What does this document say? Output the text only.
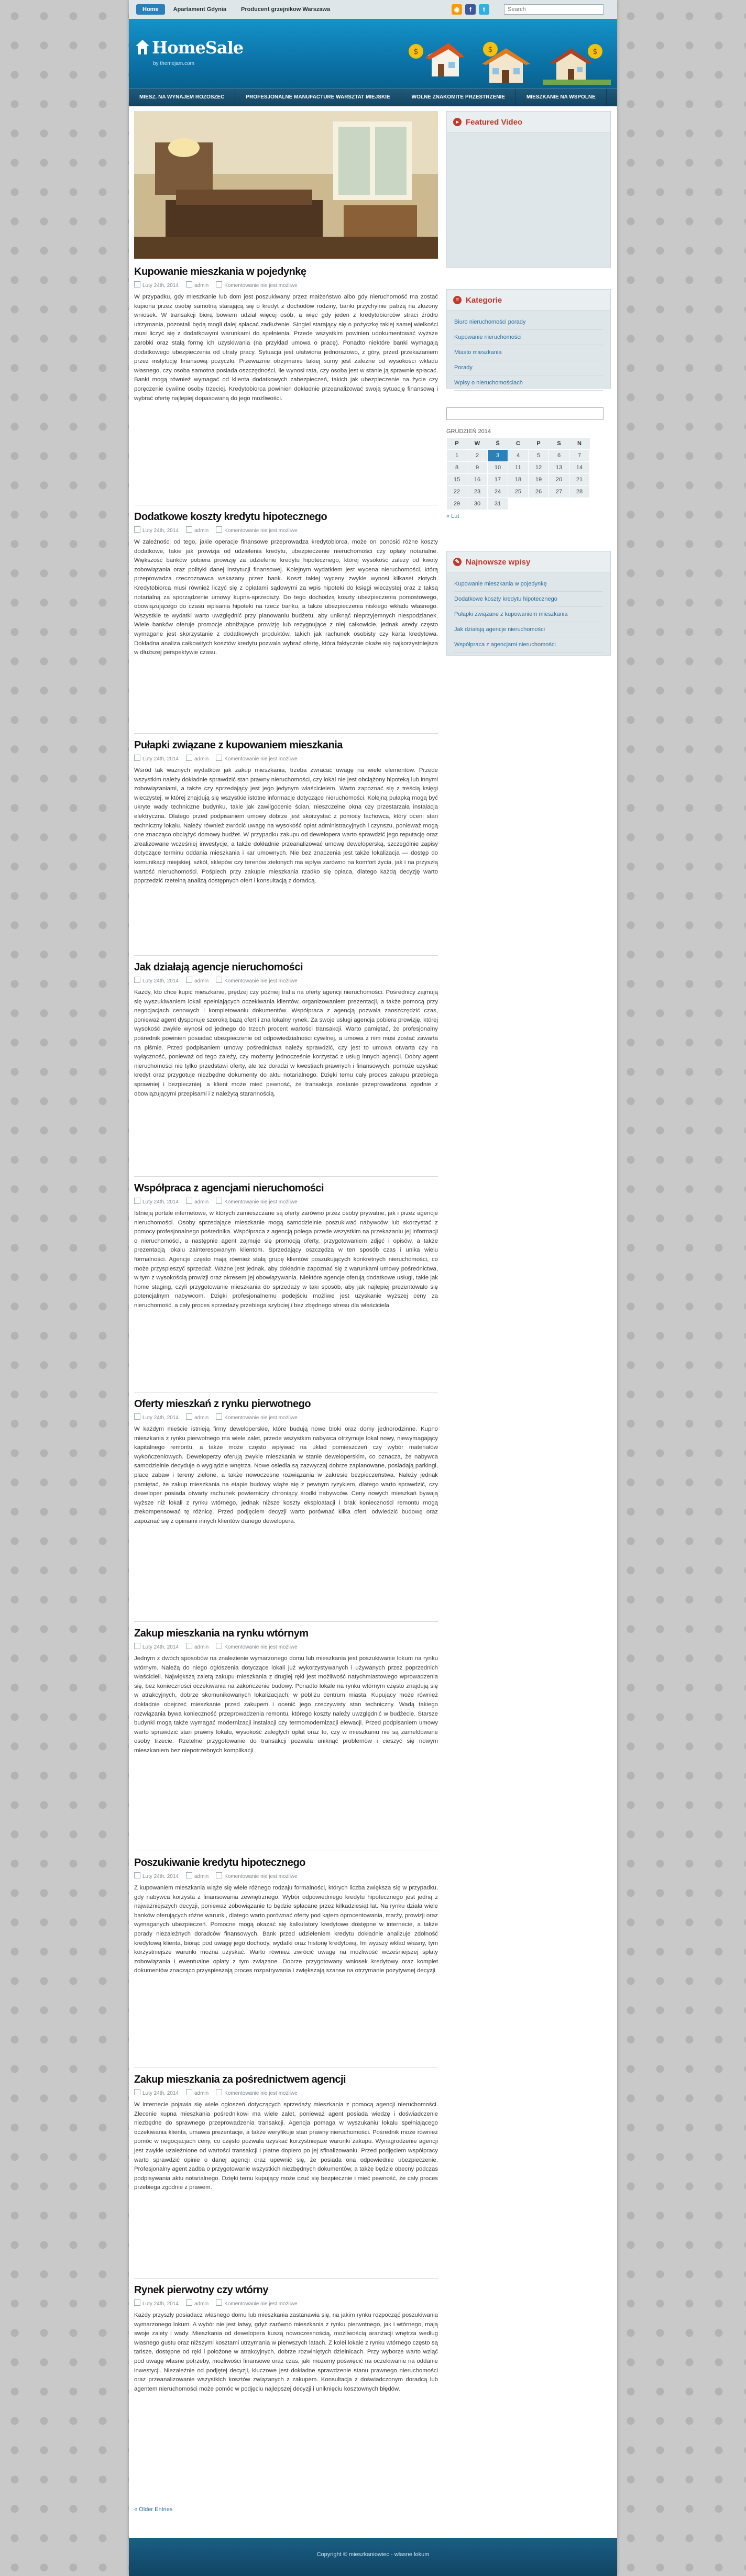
Home	Apartament Gdynia	Producent grzejnikow Warszawa	◉	f	t
Search
HomeSale
by themejam.com
$	$	$
MIESZ. NA WYNAJEM ROZOSZEC	PROFESJONALNE MANUFACTURE WARSZTAT MIEJSKIE	WOLNE ZNAKOMITE PRZESTRZENIE	MIESZKANIE NA WSPOLNE
Kupowanie mieszkania w pojedynkę
Luty 24th, 2014	admin	Komentowanie nie jest możliwe

W przypadku, gdy mieszkanie lub dom jest poszukiwany przez małżeństwo albo gdy nieruchomość ma zostać kupiona przez osobę samotną starającą się o kredyt z dochodów rodziny, banki przychylnie patrzą na złożony wniosek. W transakcji biorą bowiem udział więcej osób, a więc gdy jeden z kredytobiorców straci źródło utrzymania, pozostali będą mogli dalej spłacać zadłużenie. Singiel starający się o pożyczkę takiej samej wielkości musi liczyć się z dodatkowymi warunkami do spełnienia. Przede wszystkim powinien udokumentować wyższe zarobki oraz stałą formę ich uzyskiwania (na przykład umowa o pracę). Ponadto niektóre banki wymagają dodatkowego ubezpieczenia od utraty pracy. Sytuacja jest ułatwiona jednorazowo, z góry, przed przekazaniem przez instytucję finansową pożyczki. Przeważnie otrzymanie takiej sumy jest zależne od wysokości wkładu własnego, czy osoba samotna posiada oszczędności, ile wynosi rata, czy osoba jest w stanie ją sprawnie spłacać. Banki mogą również wymagać od klienta dodatkowych zabezpieczeń, takich jak ubezpieczenie na życie czy poręczenie cywilne osoby trzeciej. Kredytobiorca powinien dokładnie przeanalizować swoją sytuację finansową i wybrać ofertę najlepiej dopasowaną do jego możliwości.

Dodatkowe koszty kredytu hipotecznego
Luty 24th, 2014	admin	Komentowanie nie jest możliwe

W zależności od tego, jakie operacje finansowe przeprowadza kredytobiorca, może on ponosić różne koszty dodatkowe, takie jak prowizja od udzielenia kredytu, ubezpieczenie nieruchomości czy opłaty notarialne. Większość banków pobiera prowizję za udzielenie kredytu hipotecznego, której wysokość zależy od kwoty zobowiązania oraz polityki danej instytucji finansowej. Kolejnym wydatkiem jest wycena nieruchomości, którą przeprowadza rzeczoznawca wskazany przez bank. Koszt takiej wyceny zwykle wynosi kilkaset złotych. Kredytobiorca musi również liczyć się z opłatami sądowymi za wpis hipoteki do księgi wieczystej oraz z taksą notarialną za sporządzenie umowy kupna-sprzedaży. Do tego dochodzą koszty ubezpieczenia pomostowego, obowiązującego do czasu wpisania hipoteki na rzecz banku, a także ubezpieczenia niskiego wkładu własnego. Wszystkie te wydatki warto uwzględnić przy planowaniu budżetu, aby uniknąć nieprzyjemnych niespodzianek. Wiele banków oferuje promocje obniżające prowizję lub rezygnujące z niej całkowicie, jednak wtedy często wymagane jest skorzystanie z dodatkowych produktów, takich jak rachunek osobisty czy karta kredytowa. Dokładna analiza całkowitych kosztów kredytu pozwala wybrać ofertę, która faktycznie okaże się najkorzystniejsza w dłuższej perspektywie czasu.

Pułapki związane z kupowaniem mieszkania
Luty 24th, 2014	admin	Komentowanie nie jest możliwe

Wśród tak ważnych wydatków jak zakup mieszkania, trzeba zwracać uwagę na wiele elementów. Przede wszystkim należy dokładnie sprawdzić stan prawny nieruchomości, czy lokal nie jest obciążony hipoteką lub innymi zobowiązaniami, a także czy sprzedający jest jego jedynym właścicielem. Warto zapoznać się z treścią księgi wieczystej, w której znajdują się wszystkie istotne informacje dotyczące nieruchomości. Kolejną pułapką mogą być ukryte wady techniczne budynku, takie jak zawilgocenie ścian, nieszczelne okna czy przestarzała instalacja elektryczna. Dlatego przed podpisaniem umowy dobrze jest skorzystać z pomocy fachowca, który oceni stan techniczny lokalu. Należy również zwrócić uwagę na wysokość opłat administracyjnych i czynszu, ponieważ mogą one znacząco obciążyć domowy budżet. W przypadku zakupu od dewelopera warto sprawdzić jego reputację oraz zrealizowane wcześniej inwestycje, a także dokładnie przeanalizować umowę deweloperską, szczególnie zapisy dotyczące terminu oddania mieszkania i kar umownych. Nie bez znaczenia jest także lokalizacja — dostęp do komunikacji miejskiej, szkół, sklepów czy terenów zielonych ma wpływ zarówno na komfort życia, jak i na przyszłą wartość nieruchomości. Pośpiech przy zakupie mieszkania rzadko się opłaca, dlatego każdą decyzję warto poprzedzić rzetelną analizą dostępnych ofert i konsultacją z doradcą.

Jak działają agencje nieruchomości
Luty 24th, 2014	admin	Komentowanie nie jest możliwe

Każdy, kto chce kupić mieszkanie, prędzej czy później trafia na oferty agencji nieruchomości. Pośrednicy zajmują się wyszukiwaniem lokali spełniających oczekiwania klientów, organizowaniem prezentacji, a także pomocą przy negocjacjach cenowych i kompletowaniu dokumentów. Współpraca z agencją pozwala zaoszczędzić czas, ponieważ agent dysponuje szeroką bazą ofert i zna lokalny rynek. Za swoje usługi agencja pobiera prowizję, której wysokość zwykle wynosi od jednego do trzech procent wartości transakcji. Warto pamiętać, że profesjonalny pośrednik powinien posiadać ubezpieczenie od odpowiedzialności cywilnej, a umowa z nim musi zostać zawarta na piśmie. Przed podpisaniem umowy pośrednictwa należy sprawdzić, czy jest to umowa otwarta czy na wyłączność, ponieważ od tego zależy, czy możemy jednocześnie korzystać z usług innych agencji. Dobry agent nieruchomości nie tylko przedstawi oferty, ale też doradzi w kwestiach prawnych i finansowych, pomoże uzyskać kredyt oraz przygotuje niezbędne dokumenty do aktu notarialnego. Dzięki temu cały proces zakupu przebiega sprawniej i bezpieczniej, a klient może mieć pewność, że transakcja zostanie przeprowadzona zgodnie z obowiązującymi przepisami i z należytą starannością.

Współpraca z agencjami nieruchomości
Luty 24th, 2014	admin	Komentowanie nie jest możliwe

Istnieją portale internetowe, w których zamieszczane są oferty zarówno przez osoby prywatne, jak i przez agencje nieruchomości. Osoby sprzedające mieszkanie mogą samodzielnie poszukiwać nabywców lub skorzystać z pomocy profesjonalnego pośrednika. Współpraca z agencją polega przede wszystkim na przekazaniu jej informacji o nieruchomości, a następnie agent zajmuje się promocją oferty, przygotowaniem zdjęć i opisów, a także prezentacją lokalu zainteresowanym klientom. Sprzedający oszczędza w ten sposób czas i unika wielu formalności. Agencje często mają również stałą grupę klientów poszukujących konkretnych nieruchomości, co może przyspieszyć sprzedaż. Ważne jest jednak, aby dokładnie zapoznać się z warunkami umowy pośrednictwa, w tym z wysokością prowizji oraz okresem jej obowiązywania. Niektóre agencje oferują dodatkowe usługi, takie jak home staging, czyli przygotowanie mieszkania do sprzedaży w taki sposób, aby jak najlepiej prezentowało się potencjalnym nabywcom. Dzięki profesjonalnemu podejściu możliwe jest uzyskanie wyższej ceny za nieruchomość, a cały proces sprzedaży przebiega szybciej i bez zbędnego stresu dla właściciela.

Oferty mieszkań z rynku pierwotnego
Luty 24th, 2014	admin	Komentowanie nie jest możliwe

W każdym mieście istnieją firmy deweloperskie, które budują nowe bloki oraz domy jednorodzinne. Kupno mieszkania z rynku pierwotnego ma wiele zalet, przede wszystkim nabywca otrzymuje lokal nowy, niewymagający kapitalnego remontu, a także może często wpływać na układ pomieszczeń czy wybór materiałów wykończeniowych. Deweloperzy oferują zwykle mieszkania w stanie deweloperskim, co oznacza, że nabywca samodzielnie decyduje o wyglądzie wnętrza. Nowe osiedla są zazwyczaj dobrze zaplanowane, posiadają parkingi, place zabaw i tereny zielone, a także nowoczesne rozwiązania w zakresie bezpieczeństwa. Należy jednak pamiętać, że zakup mieszkania na etapie budowy wiąże się z pewnym ryzykiem, dlatego warto sprawdzić, czy deweloper posiada otwarty rachunek powierniczy chroniący środki nabywców. Ceny nowych mieszkań bywają wyższe niż lokali z rynku wtórnego, jednak niższe koszty eksploatacji i brak konieczności remontu mogą zrekompensować tę różnicę. Przed podjęciem decyzji warto porównać kilka ofert, odwiedzić budowę oraz zapoznać się z opiniami innych klientów danego dewelopera.

Zakup mieszkania na rynku wtórnym
Luty 24th, 2014	admin	Komentowanie nie jest możliwe

Jednym z dwóch sposobów na znalezienie wymarzonego domu lub mieszkania jest poszukiwanie lokum na rynku wtórnym. Należą do niego ogłoszenia dotyczące lokali już wykorzystywanych i używanych przez poprzednich właścicieli. Największą zaletą zakupu mieszkania z drugiej ręki jest możliwość natychmiastowego wprowadzenia się, bez konieczności oczekiwania na zakończenie budowy. Ponadto lokale na rynku wtórnym często znajdują się w atrakcyjnych, dobrze skomunikowanych lokalizacjach, w pobliżu centrum miasta. Kupujący może również dokładnie obejrzeć mieszkanie przed zakupem i ocenić jego rzeczywisty stan techniczny. Wadą takiego rozwiązania bywa konieczność przeprowadzenia remontu, którego koszty należy uwzględnić w budżecie. Starsze budynki mogą także wymagać modernizacji instalacji czy termomodernizacji elewacji. Przed podpisaniem umowy warto sprawdzić stan prawny lokalu, wysokość zaległych opłat oraz to, czy w mieszkaniu nie są zameldowane osoby trzecie. Rzetelne przygotowanie do transakcji pozwala uniknąć problemów i cieszyć się nowym mieszkaniem bez niepotrzebnych komplikacji.

Poszukiwanie kredytu hipotecznego
Luty 24th, 2014	admin	Komentowanie nie jest możliwe

Z kupowaniem mieszkania wiąże się wiele różnego rodzaju formalności, których liczba zwiększa się w przypadku, gdy nabywca korzysta z finansowania zewnętrznego. Wybór odpowiedniego kredytu hipotecznego jest jedną z najważniejszych decyzji, ponieważ zobowiązanie to będzie spłacane przez kilkadziesiąt lat. Na rynku działa wiele banków oferujących różne warunki, dlatego warto porównać oferty pod kątem oprocentowania, marży, prowizji oraz wymaganych ubezpieczeń. Pomocne mogą okazać się kalkulatory kredytowe dostępne w internecie, a także porady niezależnych doradców finansowych. Bank przed udzieleniem kredytu dokładnie analizuje zdolność kredytową klienta, biorąc pod uwagę jego dochody, wydatki oraz historię kredytową. Im wyższy wkład własny, tym korzystniejsze warunki można uzyskać. Warto również zwrócić uwagę na możliwość wcześniejszej spłaty zobowiązania i ewentualne opłaty z tym związane. Dobrze przygotowany wniosek kredytowy oraz komplet dokumentów znacząco przyspieszają proces rozpatrywania i zwiększają szanse na otrzymanie pozytywnej decyzji.

Zakup mieszkania za pośrednictwem agencji
Luty 24th, 2014	admin	Komentowanie nie jest możliwe

W internecie pojawia się wiele ogłoszeń dotyczących sprzedaży mieszkania z pomocą agencji nieruchomości. Zlecenie kupna mieszkania pośrednikowi ma wiele zalet, ponieważ agent posiada wiedzę i doświadczenie niezbędne do sprawnego przeprowadzenia transakcji. Agencja pomaga w wyszukaniu lokalu spełniającego oczekiwania klienta, umawia prezentacje, a także weryfikuje stan prawny nieruchomości. Pośrednik może również pomóc w negocjacjach ceny, co często pozwala uzyskać korzystniejsze warunki zakupu. Wynagrodzenie agencji jest zwykle uzależnione od wartości transakcji i płatne dopiero po jej sfinalizowaniu. Przed podjęciem współpracy warto sprawdzić opinie o danej agencji oraz upewnić się, że posiada ona odpowiednie ubezpieczenie. Profesjonalny agent zadba o przygotowanie wszystkich niezbędnych dokumentów, a także będzie obecny podczas podpisywania aktu notarialnego. Dzięki temu kupujący może czuć się bezpiecznie i mieć pewność, że cały proces przebiega zgodnie z prawem.

Rynek pierwotny czy wtórny
Luty 24th, 2014	admin	Komentowanie nie jest możliwe

Każdy przyszły posiadacz własnego domu lub mieszkania zastanawia się, na jakim rynku rozpocząć poszukiwania wymarzonego lokum. A wybór nie jest łatwy, gdyż zarówno mieszkania z rynku pierwotnego, jak i wtórnego, mają swoje zalety i wady. Mieszkania od dewelopera kuszą nowoczesnością, możliwością aranżacji wnętrza według własnego gustu oraz niższymi kosztami utrzymania w pierwszych latach. Z kolei lokale z rynku wtórnego często są tańsze, dostępne od ręki i położone w atrakcyjnych, dobrze rozwiniętych dzielnicach. Przy wyborze warto wziąć pod uwagę własne potrzeby, możliwości finansowe oraz czas, jaki możemy poświęcić na oczekiwanie na oddanie inwestycji. Niezależnie od podjętej decyzji, kluczowe jest dokładne sprawdzenie stanu prawnego nieruchomości oraz przeanalizowanie wszystkich kosztów związanych z zakupem. Konsultacja z doświadczonym doradcą lub agentem nieruchomości może pomóc w podjęciu najlepszej decyzji i uniknięciu kosztownych błędów.

« Older Entries
▸ Featured Video
≡ Kategorie
Biuro nieruchomości porady
Kupowanie nieruchomości
Miasto mieszkania
Porady
Wpisy o nieruchomościach
GRUDZIEŃ 2014
P	W	Ś	C	P	S	N
1	2	3	4	5	6	7
8	9	10	11	12	13	14
15	16	17	18	19	20	21
22	23	24	25	26	27	28
29	30	31				
« Lut
✎ Najnowsze wpisy
Kupowanie mieszkania w pojedynkę
Dodatkowe koszty kredytu hipotecznego
Pułapki związane z kupowaniem mieszkania
Jak działają agencje nieruchomości
Współpraca z agencjami nieruchomości
Copyright © mieszkaniowiec - własne lokum
